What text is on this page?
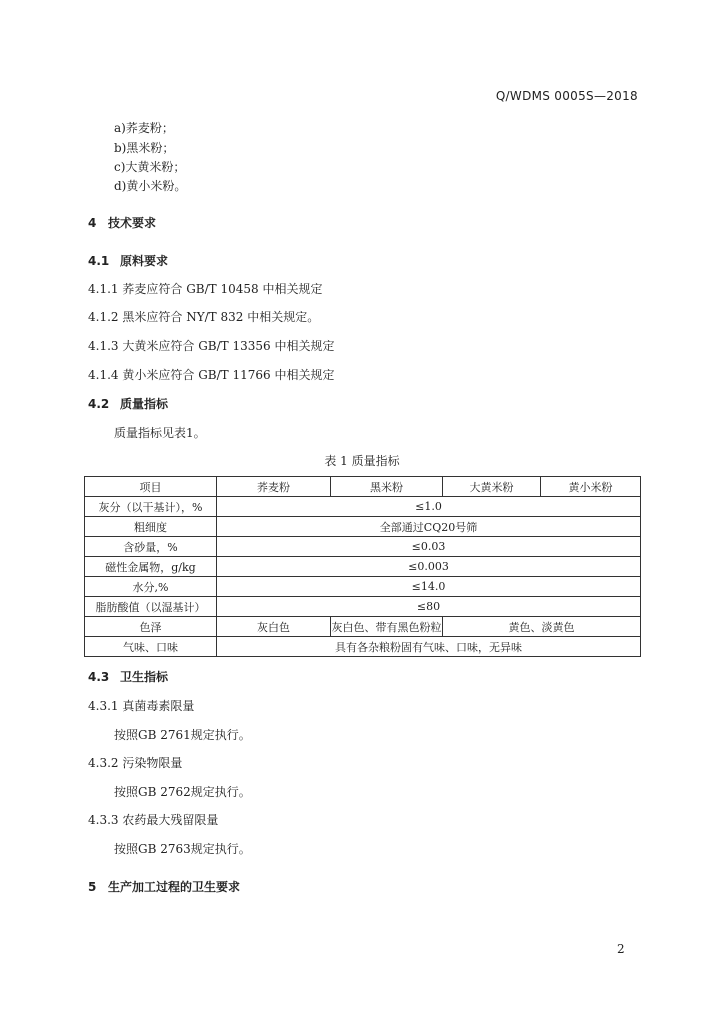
Q/WDMS 0005S—2018
a)荞麦粉；
b)黑米粉；
c)大黄米粉；
d)黄小米粉。
4 技术要求
4.1 原料要求
4.1.1 荞麦应符合 GB/T 10458 中相关规定
4.1.2 黑米应符合 NY/T 832 中相关规定。
4.1.3 大黄米应符合 GB/T 13356 中相关规定
4.1.4 黄小米应符合 GB/T 11766 中相关规定
4.2 质量指标
质量指标见表1。
表 1 质量指标
项目	荞麦粉	黑米粉	大黄米粉	黄小米粉
灰分（以干基计），%	≤1.0			
粗细度	全部通过CQ20号筛			
含砂量，%	≤0.03			
磁性金属物，g/kg	≤0.003			
水分,%	≤14.0			
脂肪酸值（以湿基计）	≤80			
色泽	灰白色	灰白色、带有黑色粉粒	黄色、淡黄色	
气味、口味	具有各杂粮粉固有气味、口味，无异味			
4.3 卫生指标
4.3.1 真菌毒素限量
按照GB 2761规定执行。
4.3.2 污染物限量
按照GB 2762规定执行。
4.3.3 农药最大残留限量
按照GB 2763规定执行。
5 生产加工过程的卫生要求
2
